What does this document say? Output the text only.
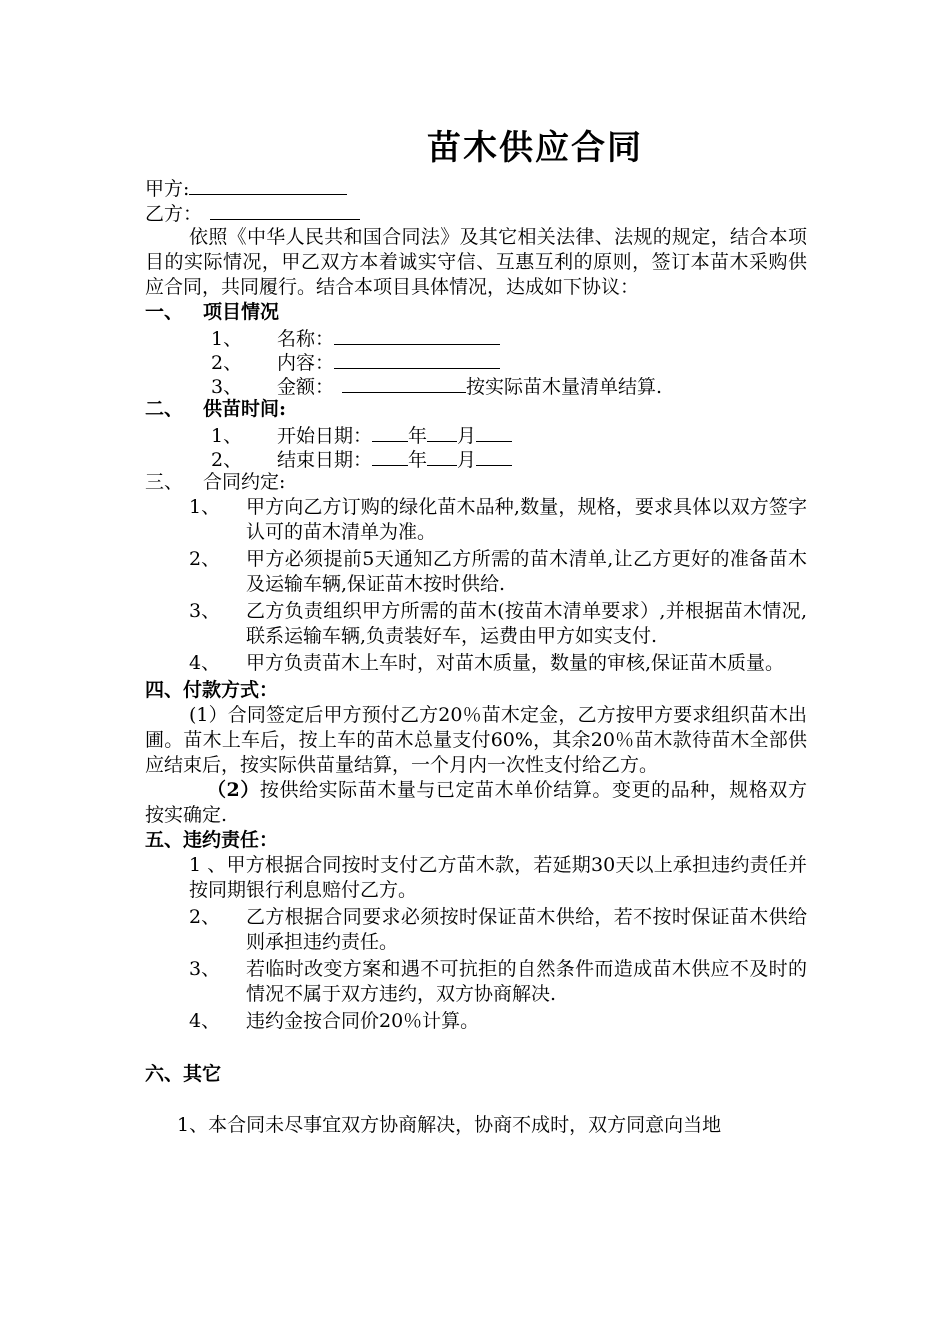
苗木供应合同
甲方:
乙方：
依照《中华人民共和国合同法》及其它相关法律、法规的规定，结合本项目的实际情况，甲乙双方本着诚实守信、互惠互利的原则，签订本苗木采购供应合同，共同履行。结合本项目具体情况，达成如下协议：
一、 项目情况
1、 名称：
2、 内容：
3、 金额：	按实际苗木量清单结算.
二、 供苗时间:
1、 开始日期： 年 月
2、 结束日期： 年 月
三、 合同约定:
1、	甲方向乙方订购的绿化苗木品种,数量，规格，要求具体以双方签字认可的苗木清单为准。
2、	甲方必须提前5天通知乙方所需的苗木清单,让乙方更好的准备苗木及运输车辆,保证苗木按时供给.
3、	乙方负责组织甲方所需的苗木(按苗木清单要求）,并根据苗木情况,联系运输车辆,负责装好车，运费由甲方如实支付.
4、	甲方负责苗木上车时，对苗木质量，数量的审核,保证苗木质量。
四、付款方式：
(1）合同签定后甲方预付乙方20％苗木定金，乙方按甲方要求组织苗木出圃。苗木上车后，按上车的苗木总量支付60%，其余20％苗木款待苗木全部供应结束后，按实际供苗量结算，一个月内一次性支付给乙方。
（2）按供给实际苗木量与已定苗木单价结算。变更的品种，规格双方按实确定.
五、违约责任：
1 、甲方根据合同按时支付乙方苗木款，若延期30天以上承担违约责任并按同期银行利息赔付乙方。
2、	乙方根据合同要求必须按时保证苗木供给，若不按时保证苗木供给则承担违约责任。
3、	若临时改变方案和遇不可抗拒的自然条件而造成苗木供应不及时的情况不属于双方违约，双方协商解决.
4、	违约金按合同价20％计算。
六、其它
1、本合同未尽事宜双方协商解决，协商不成时，双方同意向当地
